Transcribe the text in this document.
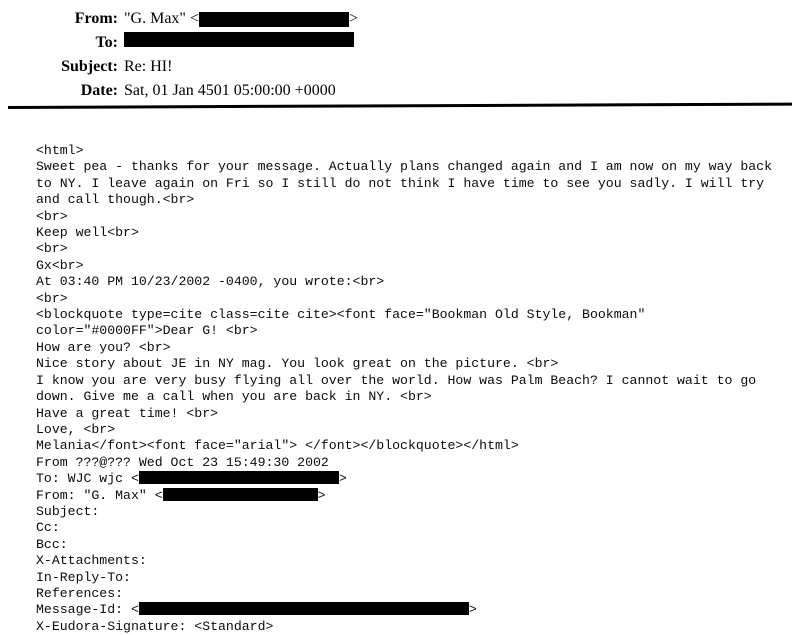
From: "G. Max" <	>
To:
Subject: Re: HI!
Date: Sat, 01 Jan 4501 05:00:00 +0000
<html>
Sweet pea - thanks for your message. Actually plans changed again and I am now on my way back
to NY. I leave again on Fri so I still do not think I have time to see you sadly. I will try
and call though.<br>
<br>
Keep well<br>
<br>
Gx<br>
At 03:40 PM 10/23/2002 -0400, you wrote:<br>
<br>
<blockquote type=cite class=cite cite><font face="Bookman Old Style, Bookman"
color="#0000FF">Dear G! <br>
How are you? <br>
Nice story about JE in NY mag. You look great on the picture. <br>
I know you are very busy flying all over the world. How was Palm Beach? I cannot wait to go
down. Give me a call when you are back in NY. <br>
Have a great time! <br>
Love, <br>
Melania</font><font face="arial"> </font></blockquote></html>
From ???@??? Wed Oct 23 15:49:30 2002
To: WJC wjc <	>
From: "G. Max" <	>
Subject:
Cc:
Bcc:
X-Attachments:
In-Reply-To:
References:
Message-Id: <	>
X-Eudora-Signature: <Standard>
